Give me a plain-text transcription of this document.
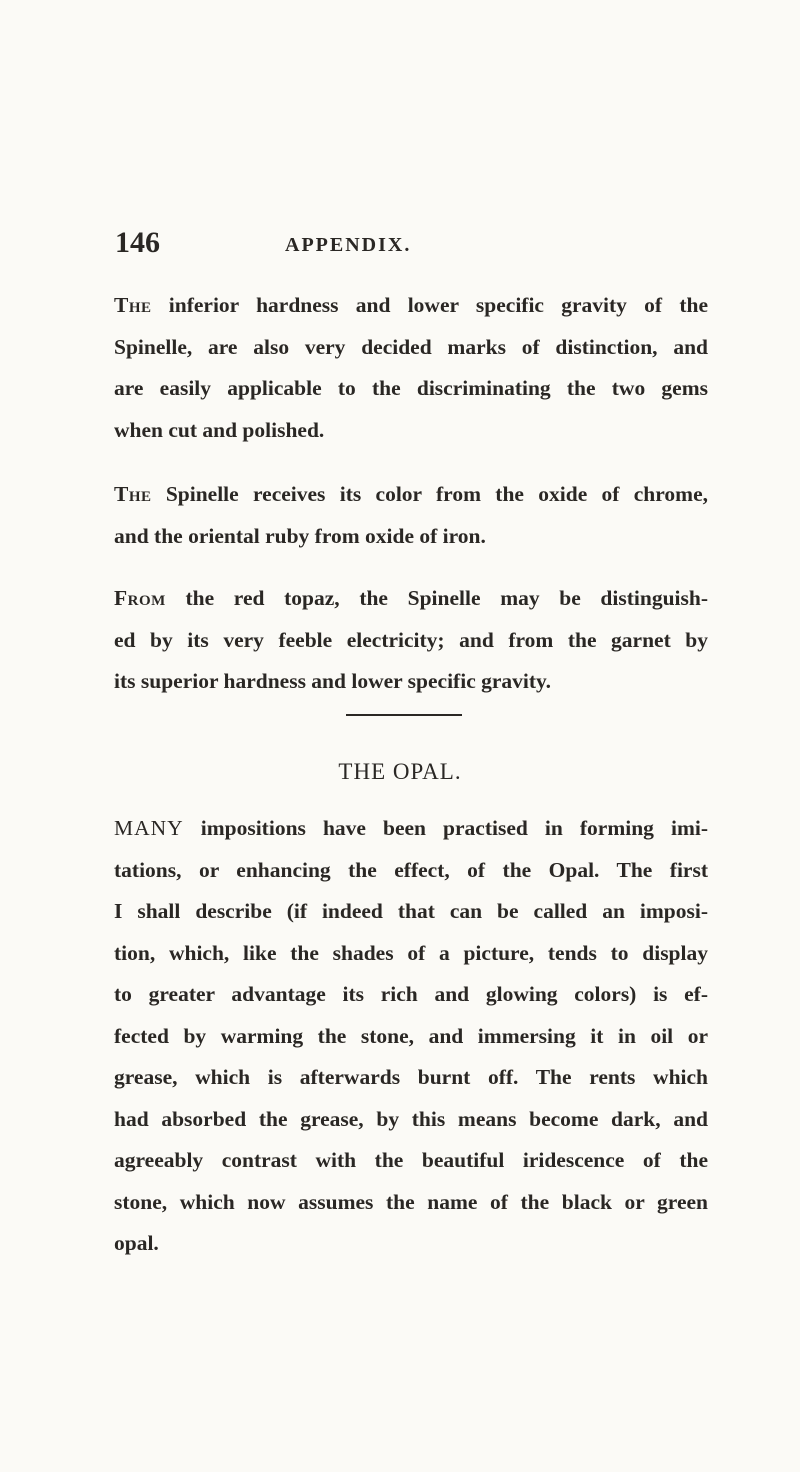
146	APPENDIX.
The inferior hardness and lower specific gravity of the
Spinelle, are also very decided marks of distinction, and
are easily applicable to the discriminating the two gems
when cut and polished.
The Spinelle receives its color from the oxide of chrome,
and the oriental ruby from oxide of iron.
From the red topaz, the Spinelle may be distinguish-
ed by its very feeble electricity; and from the garnet by
its superior hardness and lower specific gravity.
THE OPAL.
MANY impositions have been practised in forming imi-
tations, or enhancing the effect, of the Opal. The first
I shall describe (if indeed that can be called an imposi-
tion, which, like the shades of a picture, tends to display
to greater advantage its rich and glowing colors) is ef-
fected by warming the stone, and immersing it in oil or
grease, which is afterwards burnt off. The rents which
had absorbed the grease, by this means become dark, and
agreeably contrast with the beautiful iridescence of the
stone, which now assumes the name of the black or green
opal.
